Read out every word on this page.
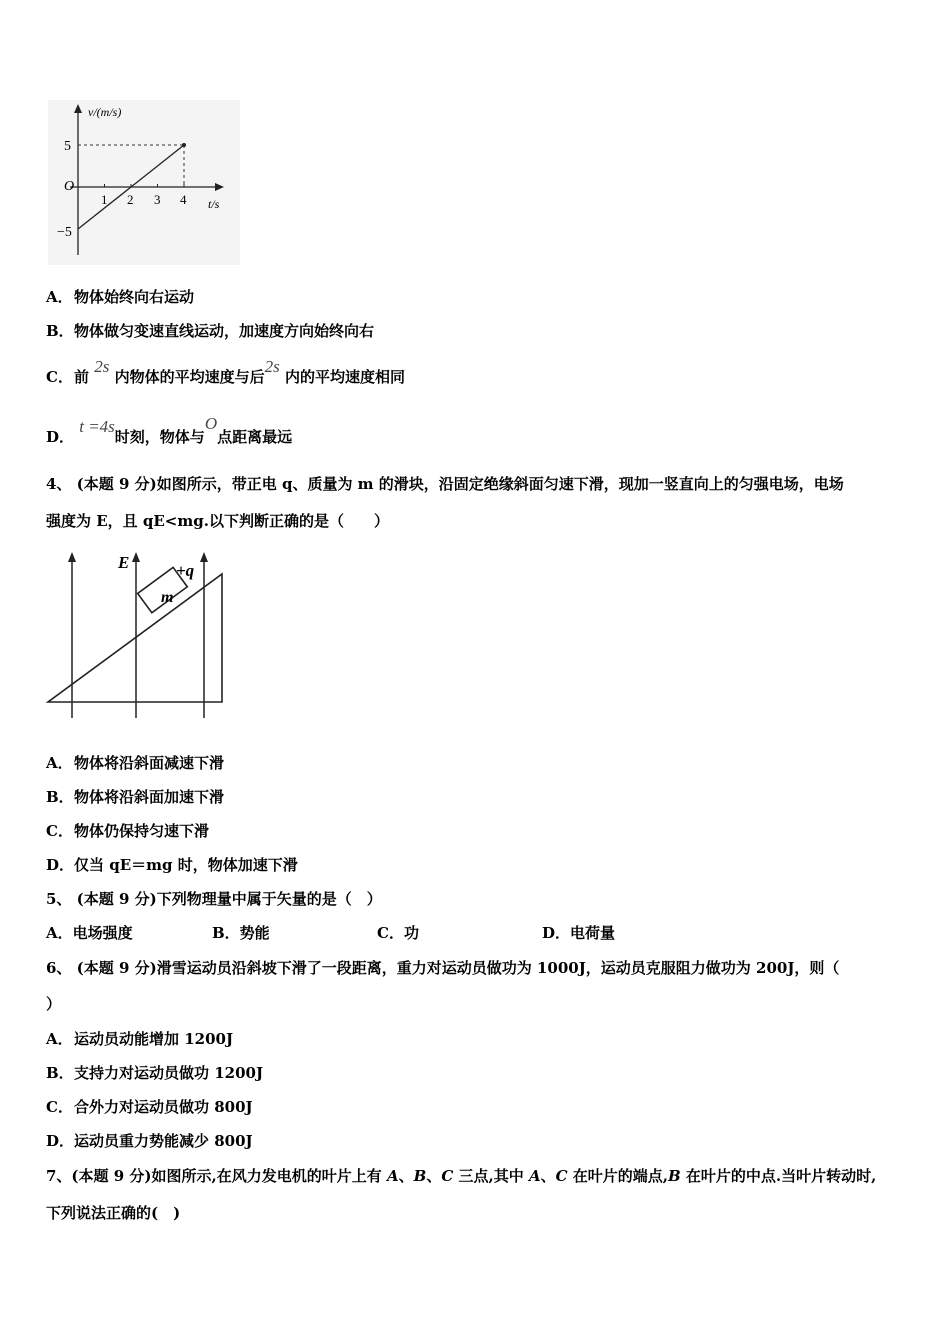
v/(m/s)
t/s
O
5
−5
1 2 3 4
A．物体始终向右运动
B．物体做匀变速直线运动，加速度方向始终向右
C．前 2s 内物体的平均速度与后2s 内的平均速度相同
D． t =4s时刻，物体与O点距离最远
4、 (本题 9 分)如图所示，带正电 q、质量为 m 的滑块，沿固定绝缘斜面匀速下滑，现加一竖直向上的匀强电场，电场
强度为 E，且 qE<mg.以下判断正确的是（　　）
m
E	+q
A．物体将沿斜面减速下滑
B．物体将沿斜面加速下滑
C．物体仍保持匀速下滑
D．仅当 qE＝mg 时，物体加速下滑
5、 (本题 9 分)下列物理量中属于矢量的是（　）
A．电场强度	B．势能	C．功	D．电荷量
6、 (本题 9 分)滑雪运动员沿斜坡下滑了一段距离，重力对运动员做功为 1000J，运动员克服阻力做功为 200J，则（
）
A．运动员动能增加 1200J
B．支持力对运动员做功 1200J
C．合外力对运动员做功 800J
D．运动员重力势能减少 800J
7、(本题 9 分)如图所示,在风力发电机的叶片上有 A、B、C 三点,其中 A、C 在叶片的端点,B 在叶片的中点.当叶片转动时,
下列说法正确的(　)
